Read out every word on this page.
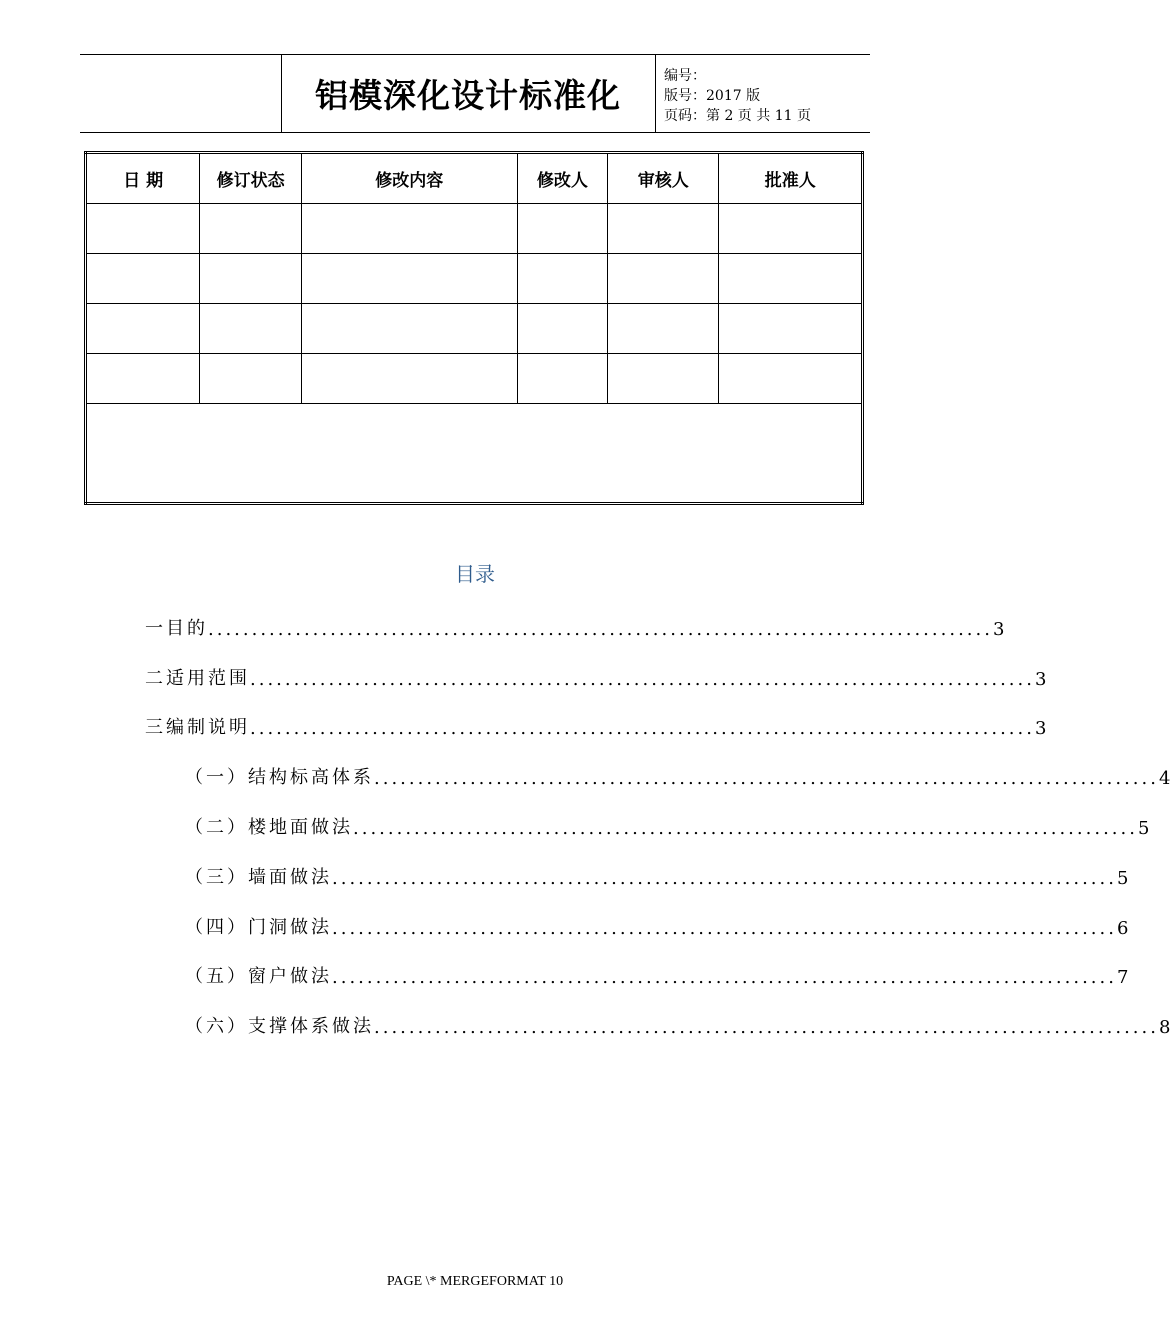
铝模深化设计标准化	编号：
版号：2017 版
页码：第 2 页 共 11 页
日 期	修订状态	修改内容	修改人	审核人	批准人

目录
一目的 .......................................................................................... 3
二适用范围 .......................................................................................... 3
三编制说明 .......................................................................................... 3
（一）结构标高体系 .......................................................................................... 4
（二）楼地面做法 .......................................................................................... 5
（三）墙面做法 .......................................................................................... 5
（四）门洞做法 .......................................................................................... 6
（五）窗户做法 .......................................................................................... 7
（六）支撑体系做法 .......................................................................................... 8
PAGE \* MERGEFORMAT 10
